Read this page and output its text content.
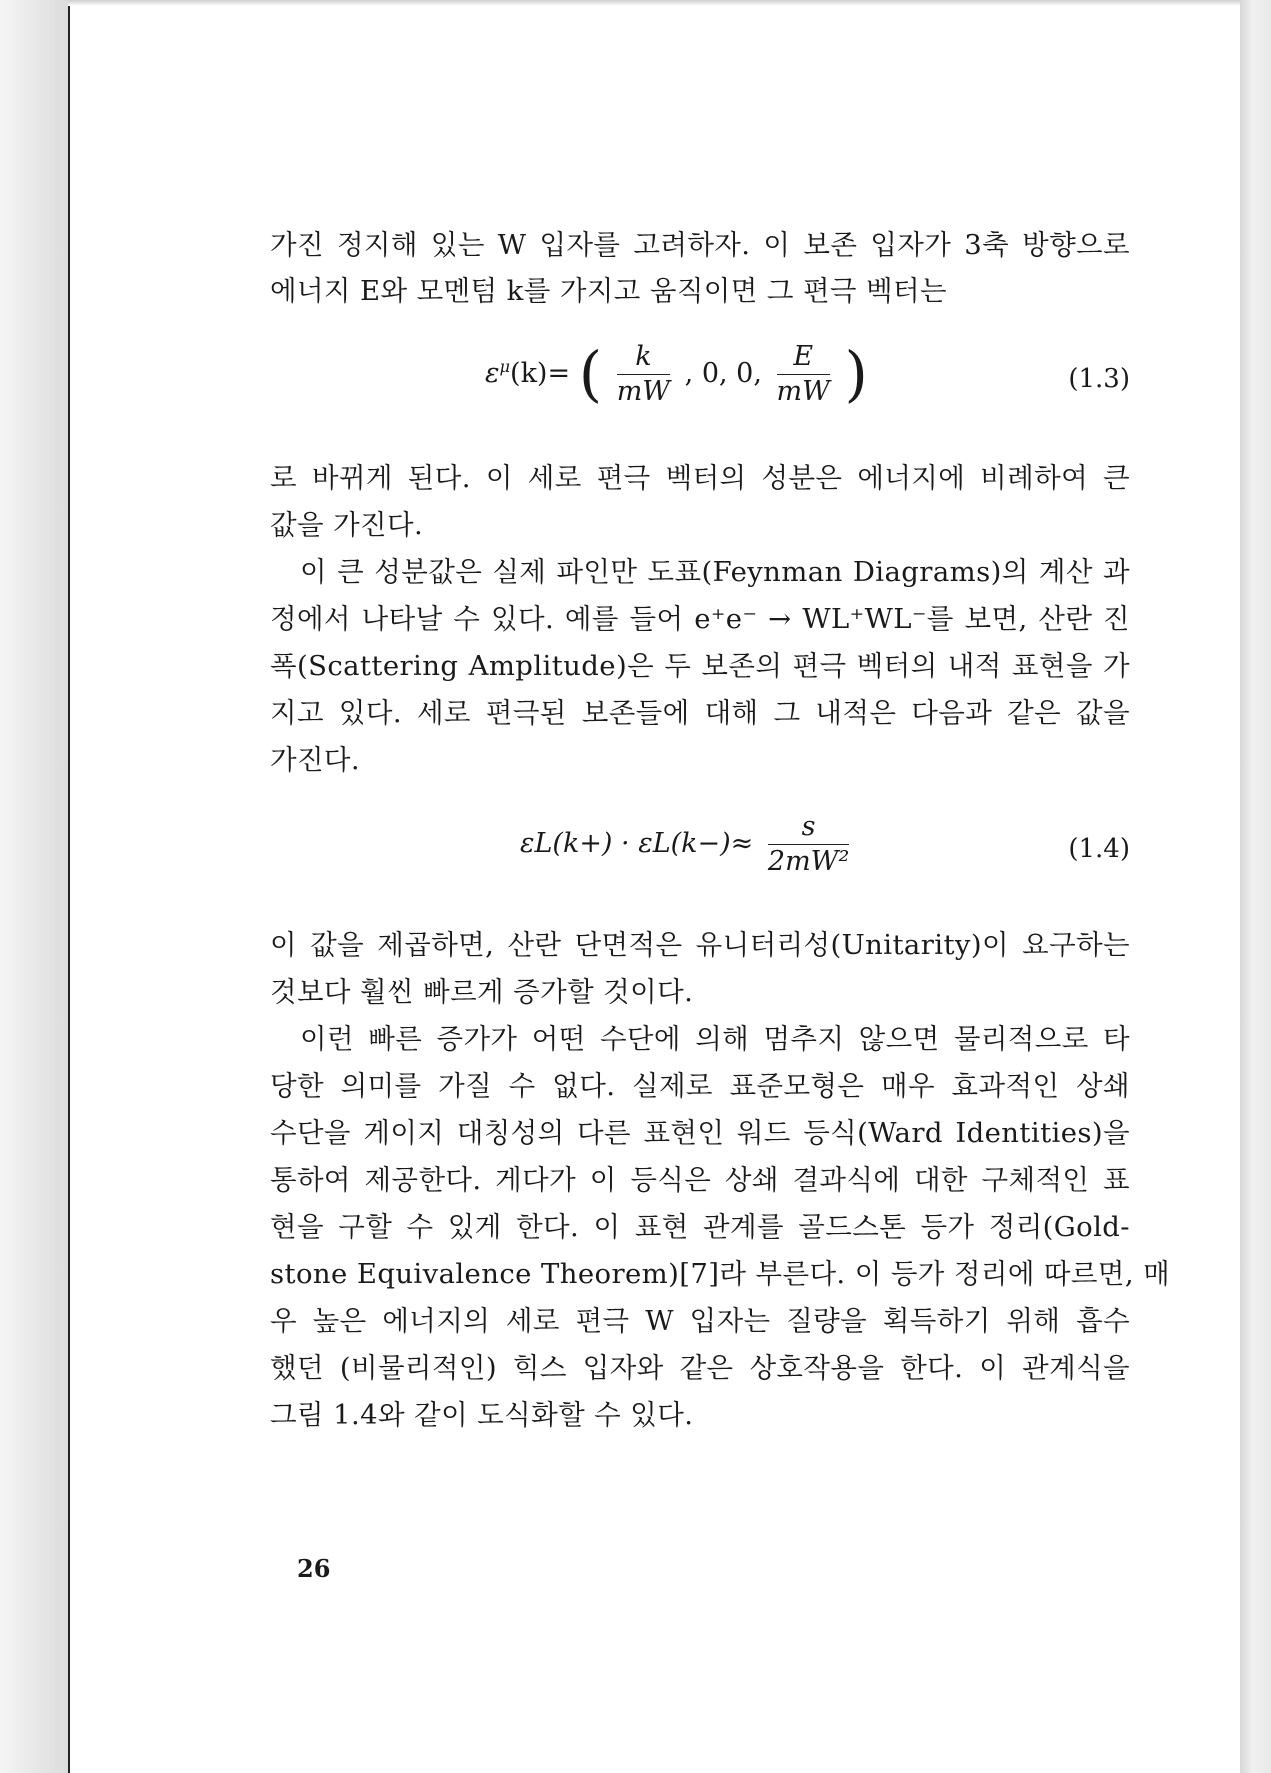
가진 정지해 있는 W 입자를 고려하자. 이 보존 입자가 3축 방향으로
에너지 E와 모멘텀 k를 가지고 움직이면 그 편극 벡터는
$\varepsilon^\mu(k)=$ ( $\frac{k}{mW}$ , 0, 0, $\frac{E}{mW}$ )	(1.3)
로 바뀌게 된다. 이 세로 편극 벡터의 성분은 에너지에 비례하여 큰
값을 가진다.
이 큰 성분값은 실제 파인만 도표(Feynman Diagrams)의 계산 과
정에서 나타날 수 있다. 예를 들어 e⁺e⁻ → WL⁺WL⁻를 보면, 산란 진
폭(Scattering Amplitude)은 두 보존의 편극 벡터의 내적 표현을 가
지고 있다. 세로 편극된 보존들에 대해 그 내적은 다음과 같은 값을
가진다.
$\varepsilon L(k+) \cdot \varepsilon L(k-)\approx \frac{s}{\text{2mW²}}$	(1.4)
이 값을 제곱하면, 산란 단면적은 유니터리성(Unitarity)이 요구하는
것보다 훨씬 빠르게 증가할 것이다.
이런 빠른 증가가 어떤 수단에 의해 멈추지 않으면 물리적으로 타
당한 의미를 가질 수 없다. 실제로 표준모형은 매우 효과적인 상쇄
수단을 게이지 대칭성의 다른 표현인 워드 등식(Ward Identities)을
통하여 제공한다. 게다가 이 등식은 상쇄 결과식에 대한 구체적인 표
현을 구할 수 있게 한다. 이 표현 관계를 골드스톤 등가 정리(Gold-
stone Equivalence Theorem)[7]라 부른다. 이 등가 정리에 따르면, 매
우 높은 에너지의 세로 편극 W 입자는 질량을 획득하기 위해 흡수
했던 (비물리적인) 힉스 입자와 같은 상호작용을 한다. 이 관계식을
그림 1.4와 같이 도식화할 수 있다.
26
